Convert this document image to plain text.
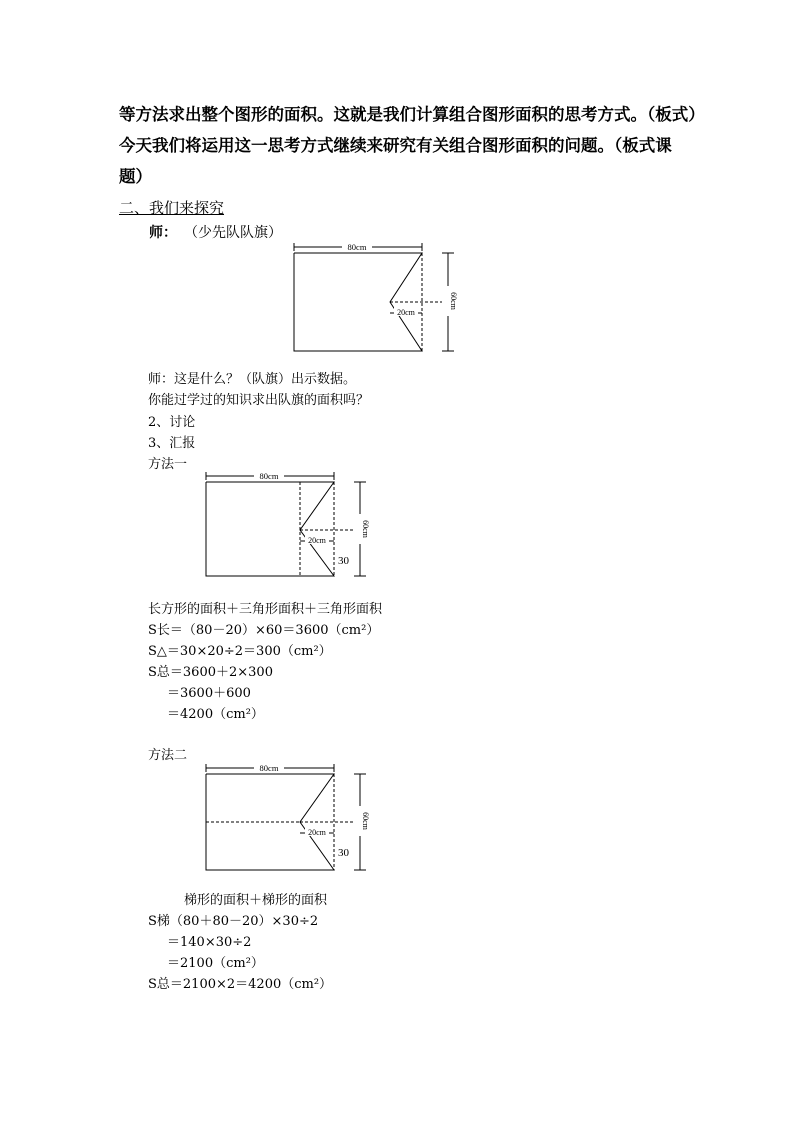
等方法求出整个图形的面积。这就是我们计算组合图形面积的思考方式。（板式）
今天我们将运用这一思考方式继续来研究有关组合图形面积的问题。（板式课
题）
二、我们来探究
师： （少先队队旗）
80cm
20cm
60cm
师：这是什么？（队旗）出示数据。
你能过学过的知识求出队旗的面积吗？
2、讨论
3、汇报
方法一
80cm
20cm
30
60cm
长方形的面积＋三角形面积＋三角形面积
S长＝（80－20）×60＝3600（cm²）
S△＝30×20÷2＝300（cm²）
S总＝3600＋2×300
＝3600＋600
＝4200（cm²）
方法二
80cm
20cm
30
60cm
梯形的面积＋梯形的面积
S梯（80＋80－20）×30÷2
＝140×30÷2
＝2100（cm²）
S总＝2100×2＝4200（cm²）
